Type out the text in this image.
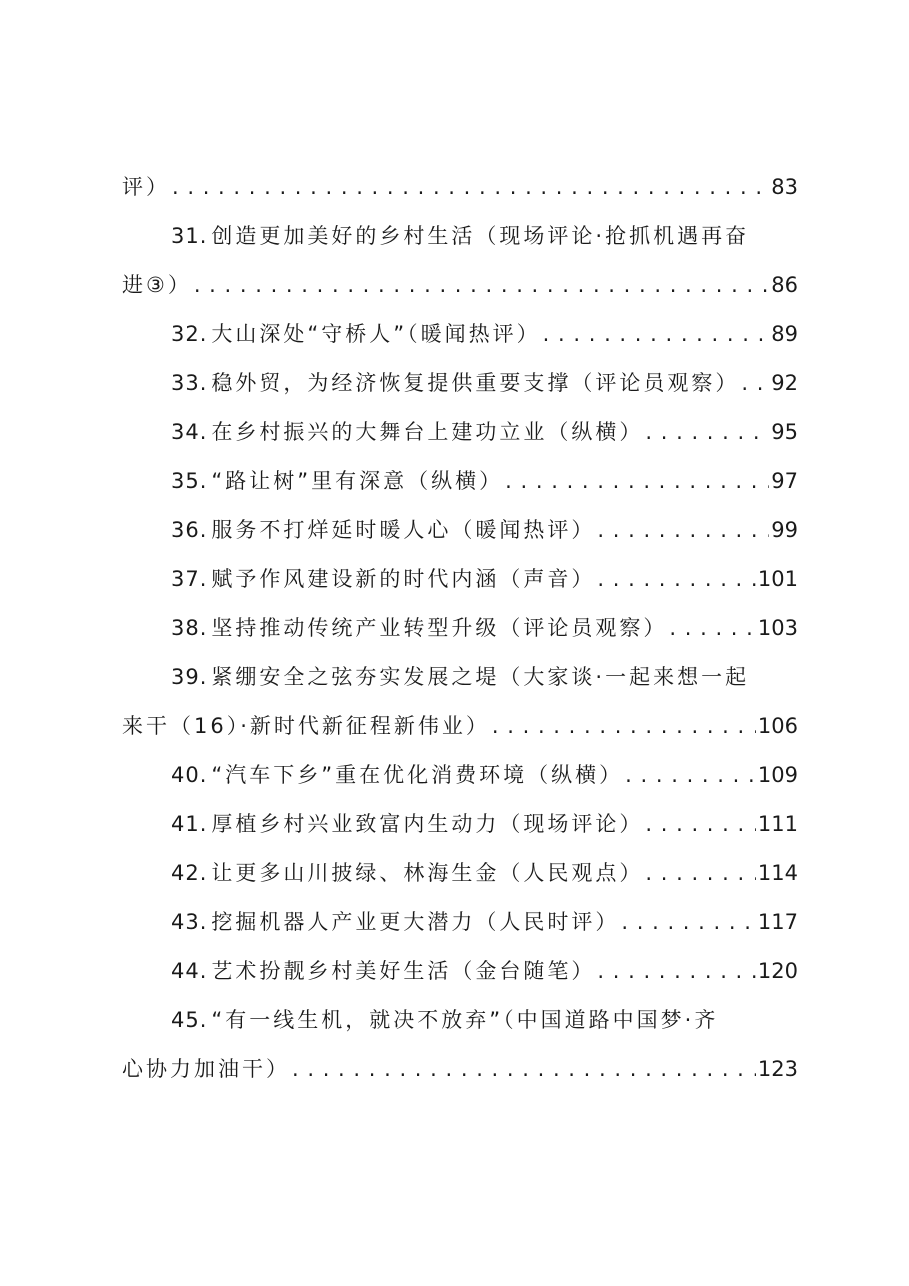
评） . . .	83
31. 创造更加美好的乡村生活（现场评论·抢抓机遇再奋
进③） . . .	86
32. 大山深处“守桥人”（暖闻热评） . . .	89
33. 稳外贸，为经济恢复提供重要支撑（评论员观察） . . . 92
34. 在乡村振兴的大舞台上建功立业（纵横） . . .	95
35. “路让树”里有深意（纵横） . . .	97
36. 服务不打烊延时暖人心（暖闻热评） . . .	99
37. 赋予作风建设新的时代内涵（声音） . . .	101
38. 坚持推动传统产业转型升级（评论员观察） . . .	103
39. 紧绷安全之弦夯实发展之堤（大家谈·一起来想一起
来干（16）·新时代新征程新伟业） . . .	106
40. “汽车下乡”重在优化消费环境（纵横） . . .	109
41. 厚植乡村兴业致富内生动力（现场评论） . . .	111
42. 让更多山川披绿、林海生金（人民观点） . . .	114
43. 挖掘机器人产业更大潜力（人民时评） . . .	117
44. 艺术扮靓乡村美好生活（金台随笔） . . .	120
45. “有一线生机，就决不放弃”（中国道路中国梦·齐
心协力加油干） . . .	123
